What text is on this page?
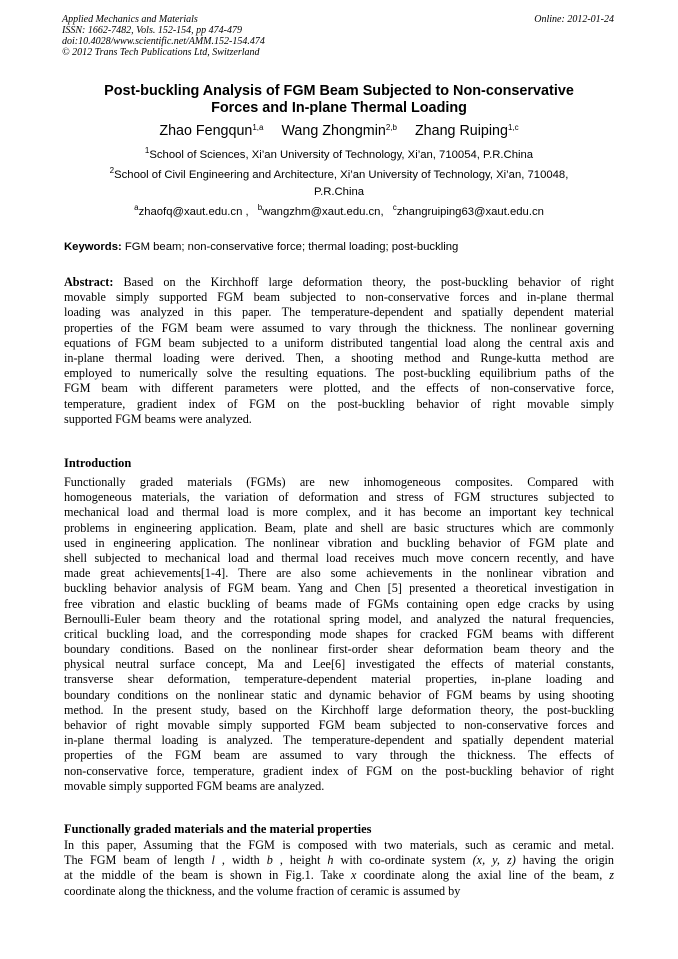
Applied Mechanics and Materials
ISSN: 1662-7482, Vols. 152-154, pp 474-479
doi:10.4028/www.scientific.net/AMM.152-154.474
© 2012 Trans Tech Publications Ltd, Switzerland
Online: 2012-01-24
Post-buckling Analysis of FGM Beam Subjected to Non-conservative
Forces and In-plane Thermal Loading
Zhao Fengqun$^{1,a}$ Wang Zhongmin$^{2,b}$ Zhang Ruiping$^{1,c}$
$^1$School of Sciences, Xi’an University of Technology, Xi’an, 710054, P.R.China
$^2$School of Civil Engineering and Architecture, Xi’an University of Technology, Xi’an, 710048,
P.R.China
$^a$zhaofq@xaut.edu.cn , $^b$wangzhm@xaut.edu.cn, $^c$zhangruiping63@xaut.edu.cn
Keywords: FGM beam; non-conservative force; thermal loading; post-buckling
Abstract: Based on the Kirchhoff large deformation theory, the post-buckling behavior of right
movable simply supported FGM beam subjected to non-conservative forces and in-plane thermal
loading was analyzed in this paper. The temperature-dependent and spatially dependent material
properties of the FGM beam were assumed to vary through the thickness. The nonlinear governing
equations of FGM beam subjected to a uniform distributed tangential load along the central axis and
in-plane thermal loading were derived. Then, a shooting method and Runge-kutta method are
employed to numerically solve the resulting equations. The post-buckling equilibrium paths of the
FGM beam with different parameters were plotted, and the effects of non-conservative force,
temperature, gradient index of FGM on the post-buckling behavior of right movable simply
supported FGM beams were analyzed.
Introduction
Functionally graded materials (FGMs) are new inhomogeneous composites. Compared with
homogeneous materials, the variation of deformation and stress of FGM structures subjected to
mechanical load and thermal load is more complex, and it has become an important key technical
problems in engineering application. Beam, plate and shell are basic structures which are commonly
used in engineering application. The nonlinear vibration and buckling behavior of FGM plate and
shell subjected to mechanical load and thermal load receives much move concern recently, and have
made great achievements[1-4]. There are also some achievements in the nonlinear vibration and
buckling behavior analysis of FGM beam. Yang and Chen [5] presented a theoretical investigation in
free vibration and elastic buckling of beams made of FGMs containing open edge cracks by using
Bernoulli-Euler beam theory and the rotational spring model, and analyzed the natural frequencies,
critical buckling load, and the corresponding mode shapes for cracked FGM beams with different
boundary conditions. Based on the nonlinear first-order shear deformation beam theory and the
physical neutral surface concept, Ma and Lee[6] investigated the effects of material constants,
transverse shear deformation, temperature-dependent material properties, in-plane loading and
boundary conditions on the nonlinear static and dynamic behavior of FGM beams by using shooting
method. In the present study, based on the Kirchhoff large deformation theory, the post-buckling
behavior of right movable simply supported FGM beam subjected to non-conservative forces and
in-plane thermal loading is analyzed. The temperature-dependent and spatially dependent material
properties of the FGM beam are assumed to vary through the thickness. The effects of
non-conservative force, temperature, gradient index of FGM on the post-buckling behavior of right
movable simply supported FGM beams are analyzed.
Functionally graded materials and the material properties
In this paper, Assuming that the FGM is composed with two materials, such as ceramic and metal.
The FGM beam of length l , width b , height h with co-ordinate system (x, y, z) having the origin
at the middle of the beam is shown in Fig.1. Take x coordinate along the axial line of the beam, z
coordinate along the thickness, and the volume fraction of ceramic is assumed by
